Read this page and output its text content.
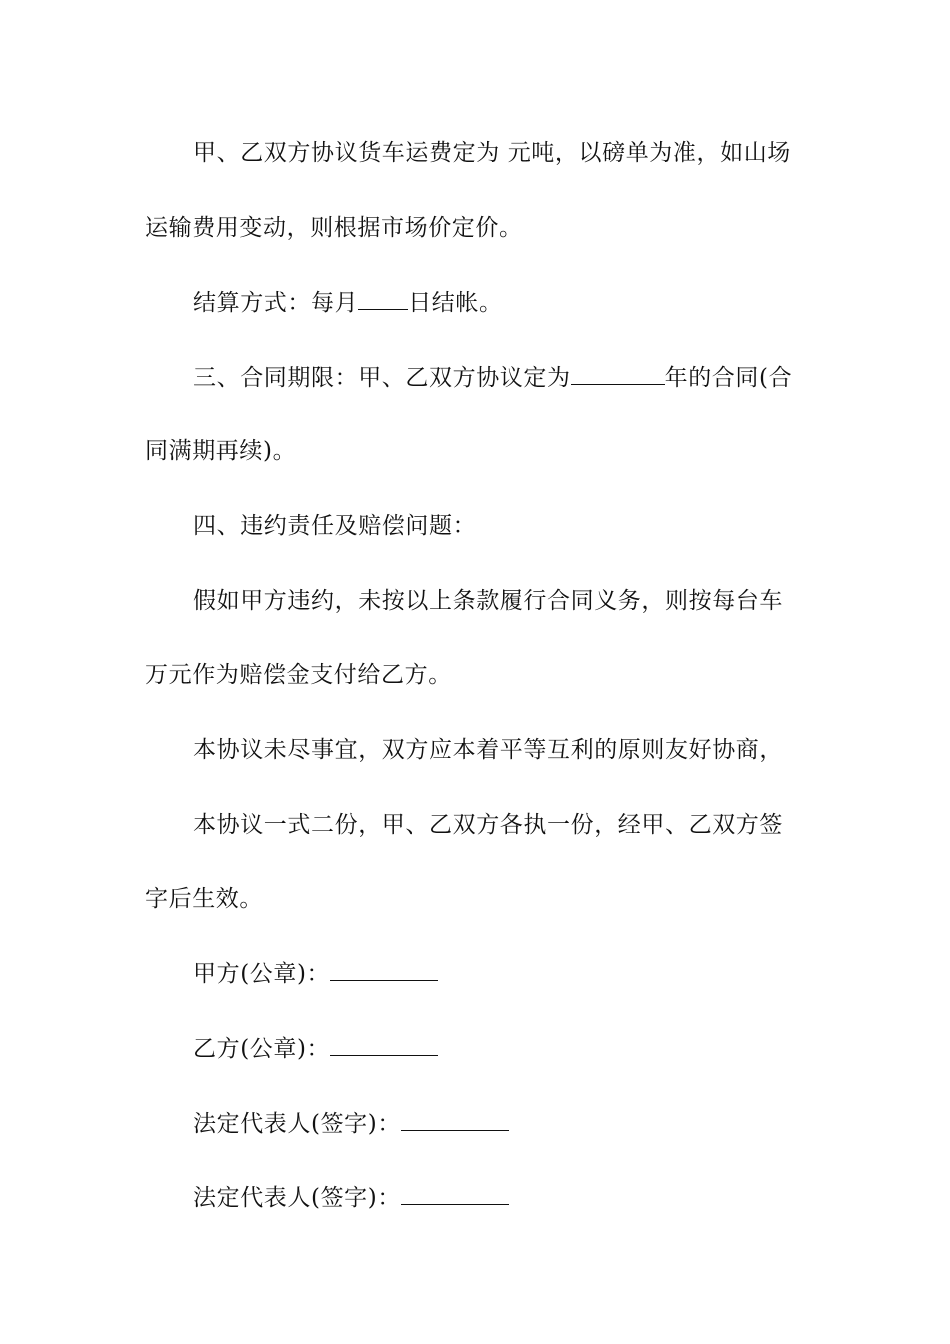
甲、乙双方协议货车运费定为 元吨，以磅单为准，如山场
运输费用变动，则根据市场价定价。
结算方式：每月 日结帐。
三、合同期限：甲、乙双方协议定为	年的合同(合
同满期再续)。
四、违约责任及赔偿问题：
假如甲方违约，未按以上条款履行合同义务，则按每台车
万元作为赔偿金支付给乙方。
本协议未尽事宜，双方应本着平等互利的原则友好协商，
本协议一式二份，甲、乙双方各执一份，经甲、乙双方签
字后生效。
甲方(公章)：
乙方(公章)：
法定代表人(签字)：
法定代表人(签字)：
